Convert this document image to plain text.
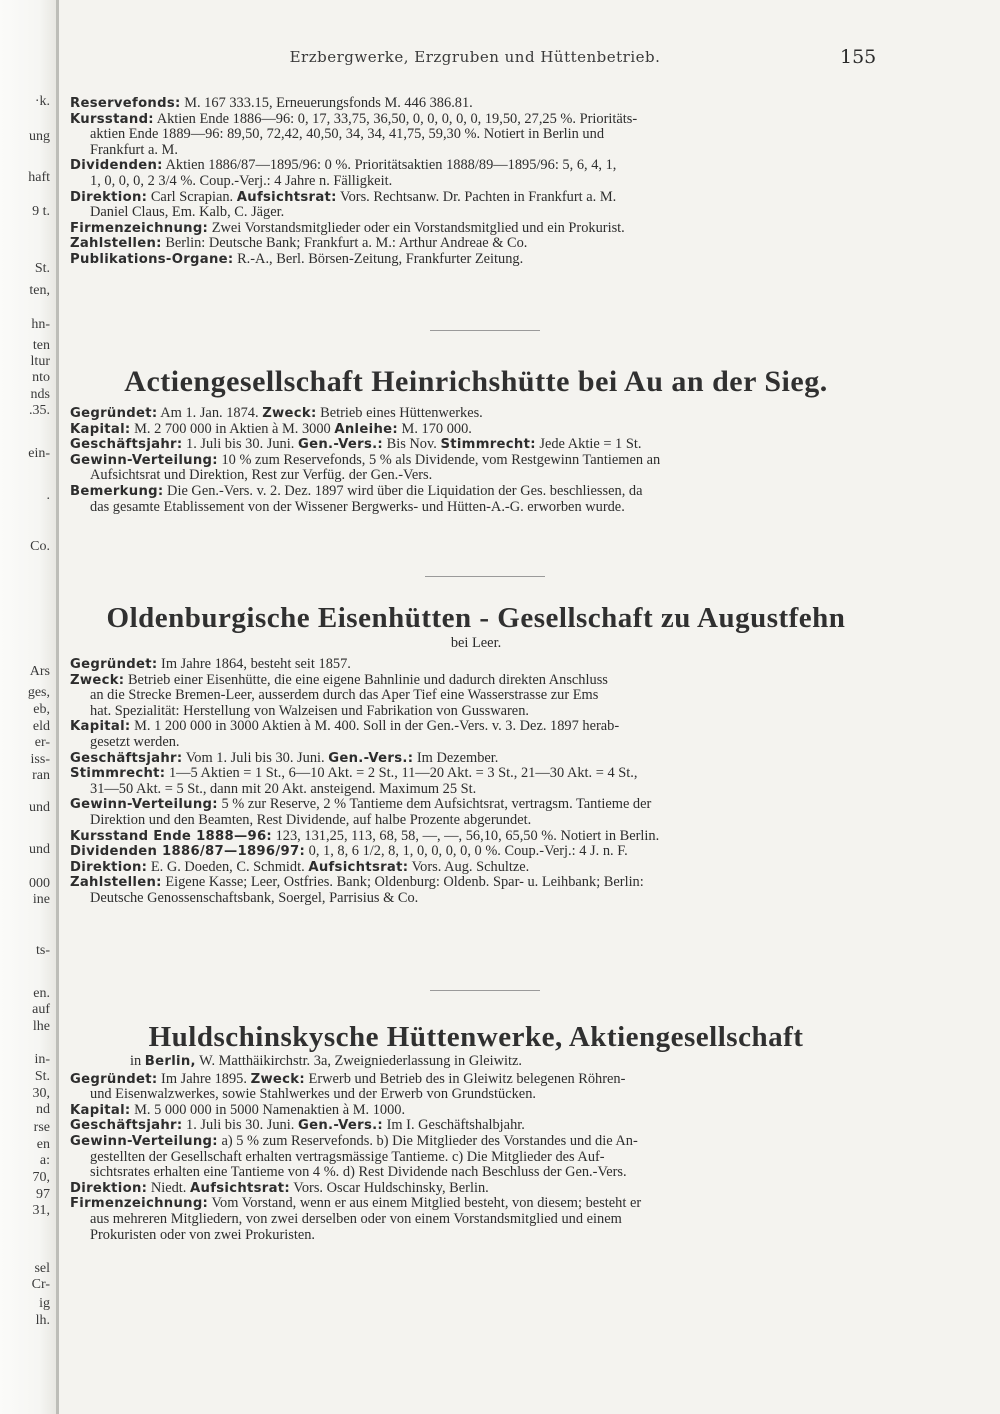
·k.
ung
haft
9 t.
St.
ten,
hn-
ten
ltur
nto
nds
.35.
ein-
.
Co.
Ars
ges,
eb,
eld
er-
iss-
ran
und
und
000
ine
ts-
en.
auf
lhe
in-
St.
30,
nd
rse
en
a:
70,
97
31,
sel
Cr-
ig
lh.
Erzbergwerke, Erzgruben und Hüttenbetrieb.	155
Reservefonds: M. 167 333.15, Erneuerungsfonds M. 446 386.81.
Kursstand: Aktien Ende 1886—96: 0, 17, 33,75, 36,50, 0, 0, 0, 0, 0, 19,50, 27,25 %. Prioritäts-
aktien Ende 1889—96: 89,50, 72,42, 40,50, 34, 34, 41,75, 59,30 %. Notiert in Berlin und
Frankfurt a. M.
Dividenden: Aktien 1886/87—1895/96: 0 %. Prioritätsaktien 1888/89—1895/96: 5, 6, 4, 1,
1, 0, 0, 0, 2 3/4 %. Coup.-Verj.: 4 Jahre n. Fälligkeit.
Direktion: Carl Scrapian. Aufsichtsrat: Vors. Rechtsanw. Dr. Pachten in Frankfurt a. M.
Daniel Claus, Em. Kalb, C. Jäger.
Firmenzeichnung: Zwei Vorstandsmitglieder oder ein Vorstandsmitglied und ein Prokurist.
Zahlstellen: Berlin: Deutsche Bank; Frankfurt a. M.: Arthur Andreae & Co.
Publikations-Organe: R.-A., Berl. Börsen-Zeitung, Frankfurter Zeitung.
Actiengesellschaft Heinrichshütte bei Au an der Sieg.
Gegründet: Am 1. Jan. 1874. Zweck: Betrieb eines Hüttenwerkes.
Kapital: M. 2 700 000 in Aktien à M. 3000 Anleihe: M. 170 000.
Geschäftsjahr: 1. Juli bis 30. Juni. Gen.-Vers.: Bis Nov. Stimmrecht: Jede Aktie = 1 St.
Gewinn-Verteilung: 10 % zum Reservefonds, 5 % als Dividende, vom Restgewinn Tantiemen an
Aufsichtsrat und Direktion, Rest zur Verfüg. der Gen.-Vers.
Bemerkung: Die Gen.-Vers. v. 2. Dez. 1897 wird über die Liquidation der Ges. beschliessen, da
das gesamte Etablissement von der Wissener Bergwerks- und Hütten-A.-G. erworben wurde.
Oldenburgische Eisenhütten - Gesellschaft zu Augustfehn
bei Leer.
Gegründet: Im Jahre 1864, besteht seit 1857.
Zweck: Betrieb einer Eisenhütte, die eine eigene Bahnlinie und dadurch direkten Anschluss
an die Strecke Bremen-Leer, ausserdem durch das Aper Tief eine Wasserstrasse zur Ems
hat. Spezialität: Herstellung von Walzeisen und Fabrikation von Gusswaren.
Kapital: M. 1 200 000 in 3000 Aktien à M. 400. Soll in der Gen.-Vers. v. 3. Dez. 1897 herab-
gesetzt werden.
Geschäftsjahr: Vom 1. Juli bis 30. Juni. Gen.-Vers.: Im Dezember.
Stimmrecht: 1—5 Aktien = 1 St., 6—10 Akt. = 2 St., 11—20 Akt. = 3 St., 21—30 Akt. = 4 St.,
31—50 Akt. = 5 St., dann mit 20 Akt. ansteigend. Maximum 25 St.
Gewinn-Verteilung: 5 % zur Reserve, 2 % Tantieme dem Aufsichtsrat, vertragsm. Tantieme der
Direktion und den Beamten, Rest Dividende, auf halbe Prozente abgerundet.
Kursstand Ende 1888—96: 123, 131,25, 113, 68, 58, —, —, 56,10, 65,50 %. Notiert in Berlin.
Dividenden 1886/87—1896/97: 0, 1, 8, 6 1/2, 8, 1, 0, 0, 0, 0, 0 %. Coup.-Verj.: 4 J. n. F.
Direktion: E. G. Doeden, C. Schmidt. Aufsichtsrat: Vors. Aug. Schultze.
Zahlstellen: Eigene Kasse; Leer, Ostfries. Bank; Oldenburg: Oldenb. Spar- u. Leihbank; Berlin:
Deutsche Genossenschaftsbank, Soergel, Parrisius & Co.
Huldschinskysche Hüttenwerke, Aktiengesellschaft
in Berlin, W. Matthäikirchstr. 3a, Zweigniederlassung in Gleiwitz.
Gegründet: Im Jahre 1895. Zweck: Erwerb und Betrieb des in Gleiwitz belegenen Röhren-
und Eisenwalzwerkes, sowie Stahlwerkes und der Erwerb von Grundstücken.
Kapital: M. 5 000 000 in 5000 Namenaktien à M. 1000.
Geschäftsjahr: 1. Juli bis 30. Juni. Gen.-Vers.: Im I. Geschäftshalbjahr.
Gewinn-Verteilung: a) 5 % zum Reservefonds. b) Die Mitglieder des Vorstandes und die An-
gestellten der Gesellschaft erhalten vertragsmässige Tantieme. c) Die Mitglieder des Auf-
sichtsrates erhalten eine Tantieme von 4 %. d) Rest Dividende nach Beschluss der Gen.-Vers.
Direktion: Niedt. Aufsichtsrat: Vors. Oscar Huldschinsky, Berlin.
Firmenzeichnung: Vom Vorstand, wenn er aus einem Mitglied besteht, von diesem; besteht er
aus mehreren Mitgliedern, von zwei derselben oder von einem Vorstandsmitglied und einem
Prokuristen oder von zwei Prokuristen.
